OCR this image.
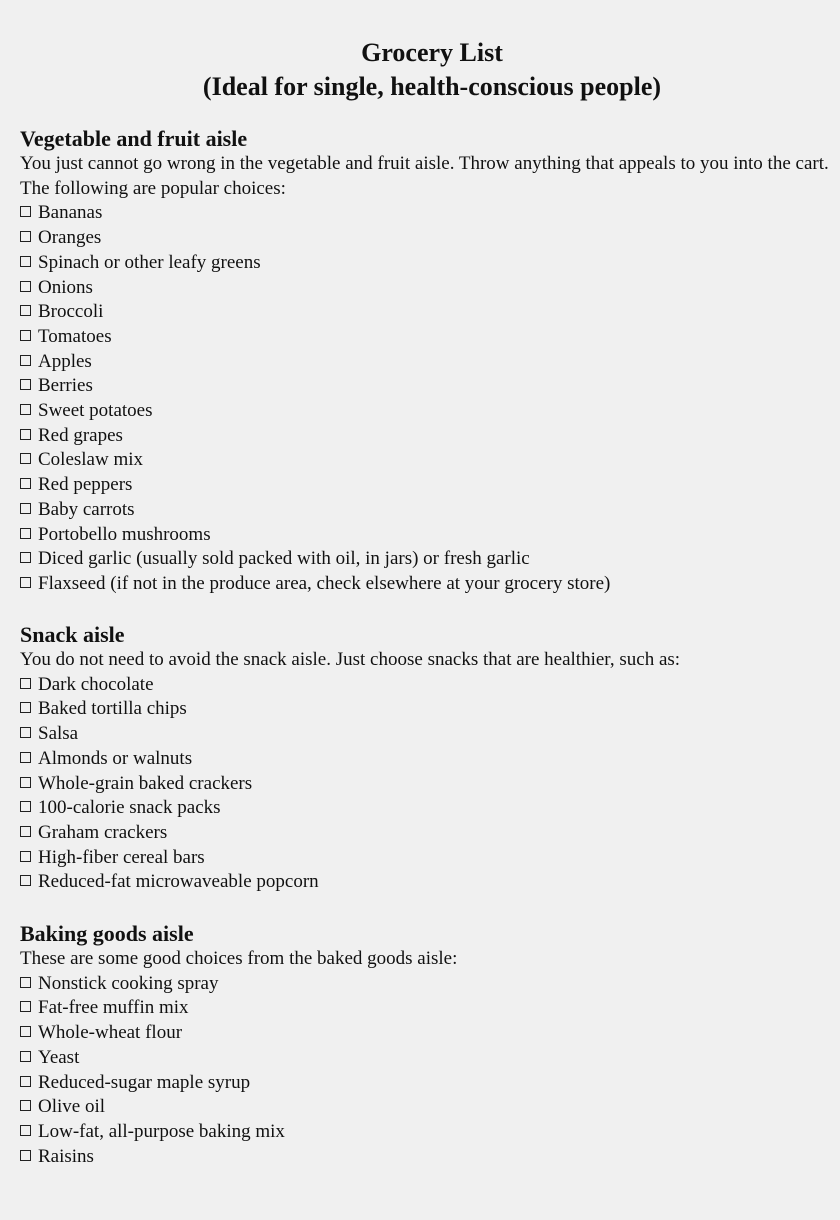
Grocery List
(Ideal for single, health-conscious people)
Vegetable and fruit aisle

You just cannot go wrong in the vegetable and fruit aisle. Throw anything that appeals to you into the cart. The following are popular choices:

Bananas
Oranges
Spinach or other leafy greens
Onions
Broccoli
Tomatoes
Apples
Berries
Sweet potatoes
Red grapes
Coleslaw mix
Red peppers
Baby carrots
Portobello mushrooms
Diced garlic (usually sold packed with oil, in jars) or fresh garlic
Flaxseed (if not in the produce area, check elsewhere at your grocery store)
Snack aisle

You do not need to avoid the snack aisle. Just choose snacks that are healthier, such as:

Dark chocolate
Baked tortilla chips
Salsa
Almonds or walnuts
Whole-grain baked crackers
100-calorie snack packs
Graham crackers
High-fiber cereal bars
Reduced-fat microwaveable popcorn
Baking goods aisle

These are some good choices from the baked goods aisle:

Nonstick cooking spray
Fat-free muffin mix
Whole-wheat flour
Yeast
Reduced-sugar maple syrup
Olive oil
Low-fat, all-purpose baking mix
Raisins
